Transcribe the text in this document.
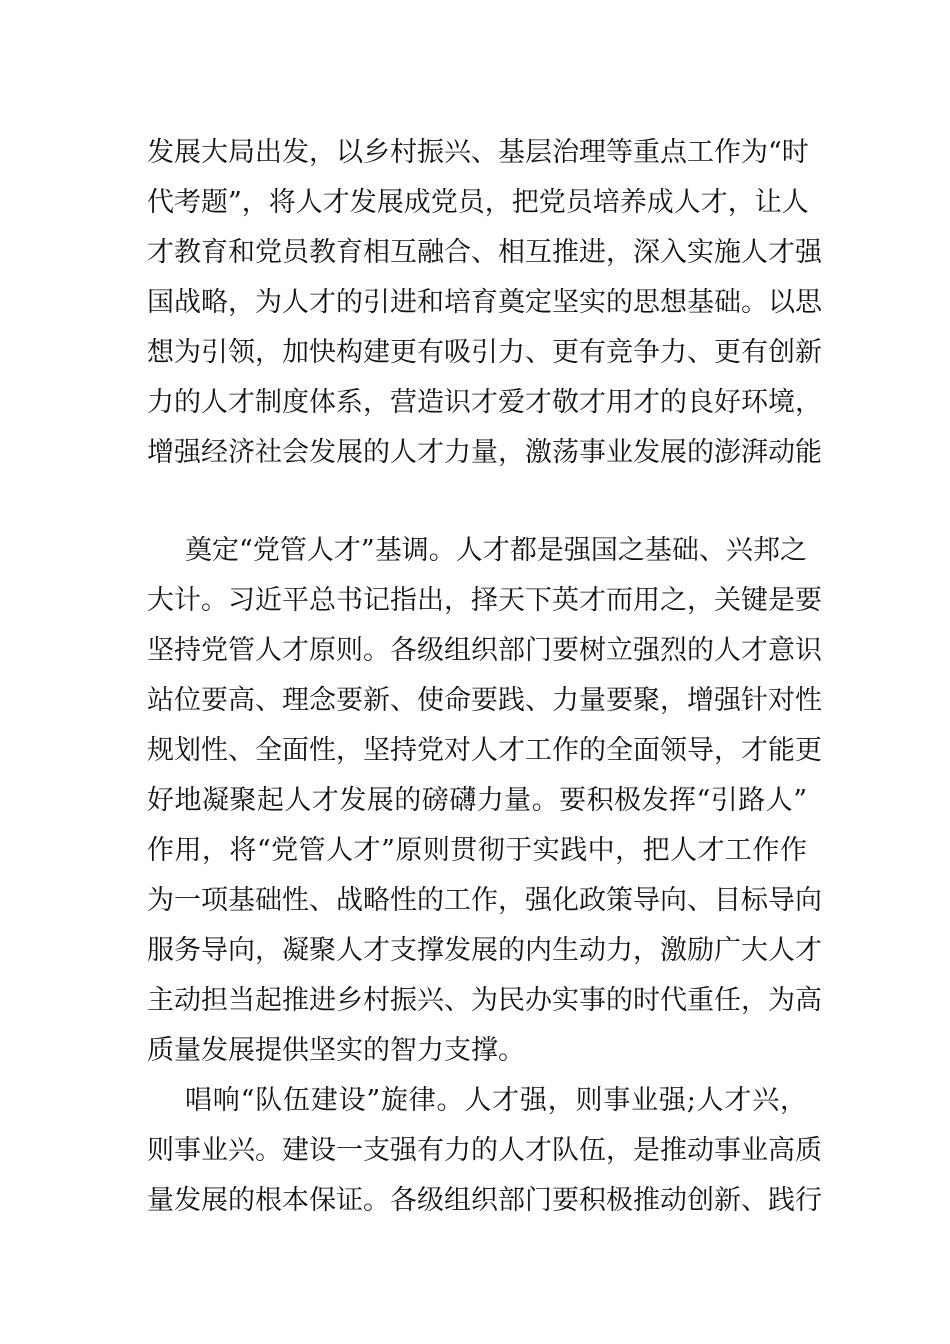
发展大局出发，以乡村振兴、基层治理等重点工作为“时
代考题”，将人才发展成党员，把党员培养成人才，让人
才教育和党员教育相互融合、相互推进，深入实施人才强
国战略，为人才的引进和培育奠定坚实的思想基础。以思
想为引领，加快构建更有吸引力、更有竞争力、更有创新
力的人才制度体系，营造识才爱才敬才用才的良好环境，
增强经济社会发展的人才力量，激荡事业发展的澎湃动能
奠定“党管人才”基调。人才都是强国之基础、兴邦之
大计。习近平总书记指出，择天下英才而用之，关键是要
坚持党管人才原则。各级组织部门要树立强烈的人才意识
站位要高、理念要新、使命要践、力量要聚，增强针对性
规划性、全面性，坚持党对人才工作的全面领导，才能更
好地凝聚起人才发展的磅礴力量。要积极发挥“引路人”
作用，将“党管人才”原则贯彻于实践中，把人才工作作
为一项基础性、战略性的工作，强化政策导向、目标导向
服务导向，凝聚人才支撑发展的内生动力，激励广大人才
主动担当起推进乡村振兴、为民办实事的时代重任，为高
质量发展提供坚实的智力支撑。
唱响“队伍建设”旋律。人才强，则事业强;人才兴，
则事业兴。建设一支强有力的人才队伍，是推动事业高质
量发展的根本保证。各级组织部门要积极推动创新、践行
